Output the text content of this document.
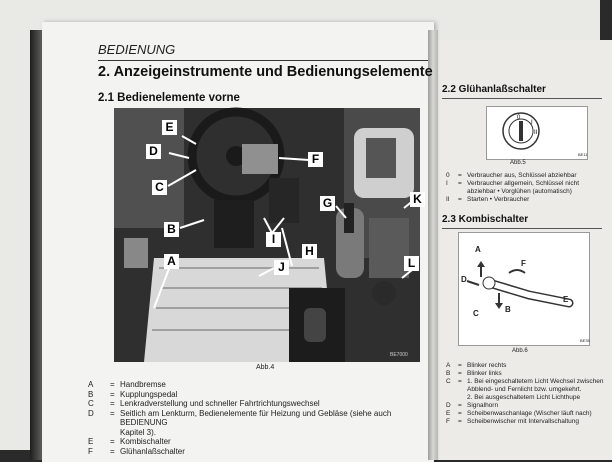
BEDIENUNG
2. Anzeigeinstrumente und Bedienungselemente
2.1 Bedienelemente vorne
E
D
C
B
A
F
G	K
I
H
J	L
BE7000
Abb.4
A	= Handbremse
B	= Kupplungspedal
C	= Lenkradverstellung und schneller Fahrtrichtungswechsel
D	= Seitlich am Lenkturm, Bedienelemente für Heizung und Gebläse (siehe auch BEDIENUNG
Kapitel 3).
E	= Kombischalter
F	= Glühanlaßschalter
2.2 Glühanlaßschalter
0
I
II
Abb.5
BE11
0	= Verbraucher aus, Schlüssel abziehbar
I	= Verbraucher allgemein, Schlüssel nicht abziehbar • Vorglühen (automatisch)
II	= Starten • Verbraucher
2.3 Kombischalter
A
D
F
C	B
E
Abb.6
BE35
A	= Blinker rechts
B	= Blinker links
C	= 1. Bei eingeschaltetem Licht Wechsel zwischen Abblend- und Fernlicht bzw. umgekehrt.
2. Bei ausgeschaltetem Licht Lichthupe
D	= Signalhorn
E	= Scheibenwaschanlage (Wischer läuft nach)
F	= Scheibenwischer mit Intervallschaltung
